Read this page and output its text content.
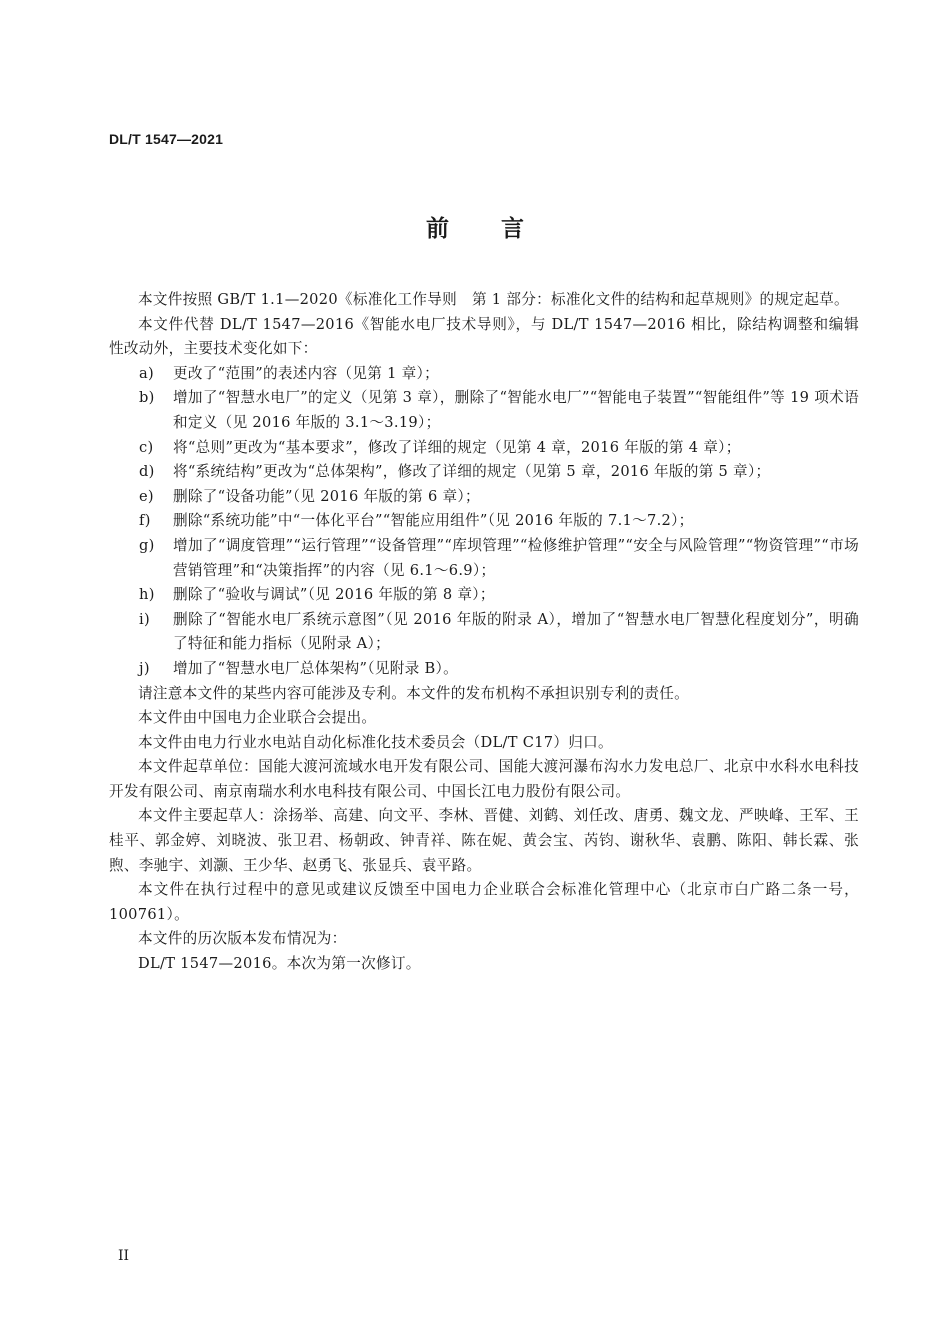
DL/T 1547—2021
前言

本文件按照 GB/T 1.1—2020《标准化工作导则　第 1 部分：标准化文件的结构和起草规则》的规定起草。

本文件代替 DL/T 1547—2016《智能水电厂技术导则》，与 DL/T 1547—2016 相比，除结构调整和编辑性改动外，主要技术变化如下：

a)	更改了“范围”的表述内容（见第 1 章）；
b)	增加了“智慧水电厂”的定义（见第 3 章），删除了“智能水电厂”“智能电子装置”“智能组件”等 19 项术语和定义（见 2016 年版的 3.1～3.19）；
c)	将“总则”更改为“基本要求”，修改了详细的规定（见第 4 章，2016 年版的第 4 章）；
d)	将“系统结构”更改为“总体架构”，修改了详细的规定（见第 5 章，2016 年版的第 5 章）；
e)	删除了“设备功能”（见 2016 年版的第 6 章）；
f)	删除“系统功能”中“一体化平台”“智能应用组件”（见 2016 年版的 7.1～7.2）；
g)	增加了“调度管理”“运行管理”“设备管理”“库坝管理”“检修维护管理”“安全与风险管理”“物资管理”“市场营销管理”和“决策指挥”的内容（见 6.1～6.9）；
h)	删除了“验收与调试”（见 2016 年版的第 8 章）；
i)	删除了“智能水电厂系统示意图”（见 2016 年版的附录 A），增加了“智慧水电厂智慧化程度划分”，明确了特征和能力指标（见附录 A）；
j)	增加了“智慧水电厂总体架构”（见附录 B）。

请注意本文件的某些内容可能涉及专利。本文件的发布机构不承担识别专利的责任。

本文件由中国电力企业联合会提出。

本文件由电力行业水电站自动化标准化技术委员会（DL/T C17）归口。

本文件起草单位：国能大渡河流域水电开发有限公司、国能大渡河瀑布沟水力发电总厂、北京中水科水电科技开发有限公司、南京南瑞水利水电科技有限公司、中国长江电力股份有限公司。

本文件主要起草人：涂扬举、高建、向文平、李林、晋健、刘鹤、刘任改、唐勇、魏文龙、严映峰、王军、王桂平、郭金婷、刘晓波、张卫君、杨朝政、钟青祥、陈在妮、黄会宝、芮钧、谢秋华、袁鹏、陈阳、韩长霖、张煦、李驰宇、刘灏、王少华、赵勇飞、张显兵、袁平路。

本文件在执行过程中的意见或建议反馈至中国电力企业联合会标准化管理中心（北京市白广路二条一号，100761）。

本文件的历次版本发布情况为：

DL/T 1547—2016。本次为第一次修订。

II
